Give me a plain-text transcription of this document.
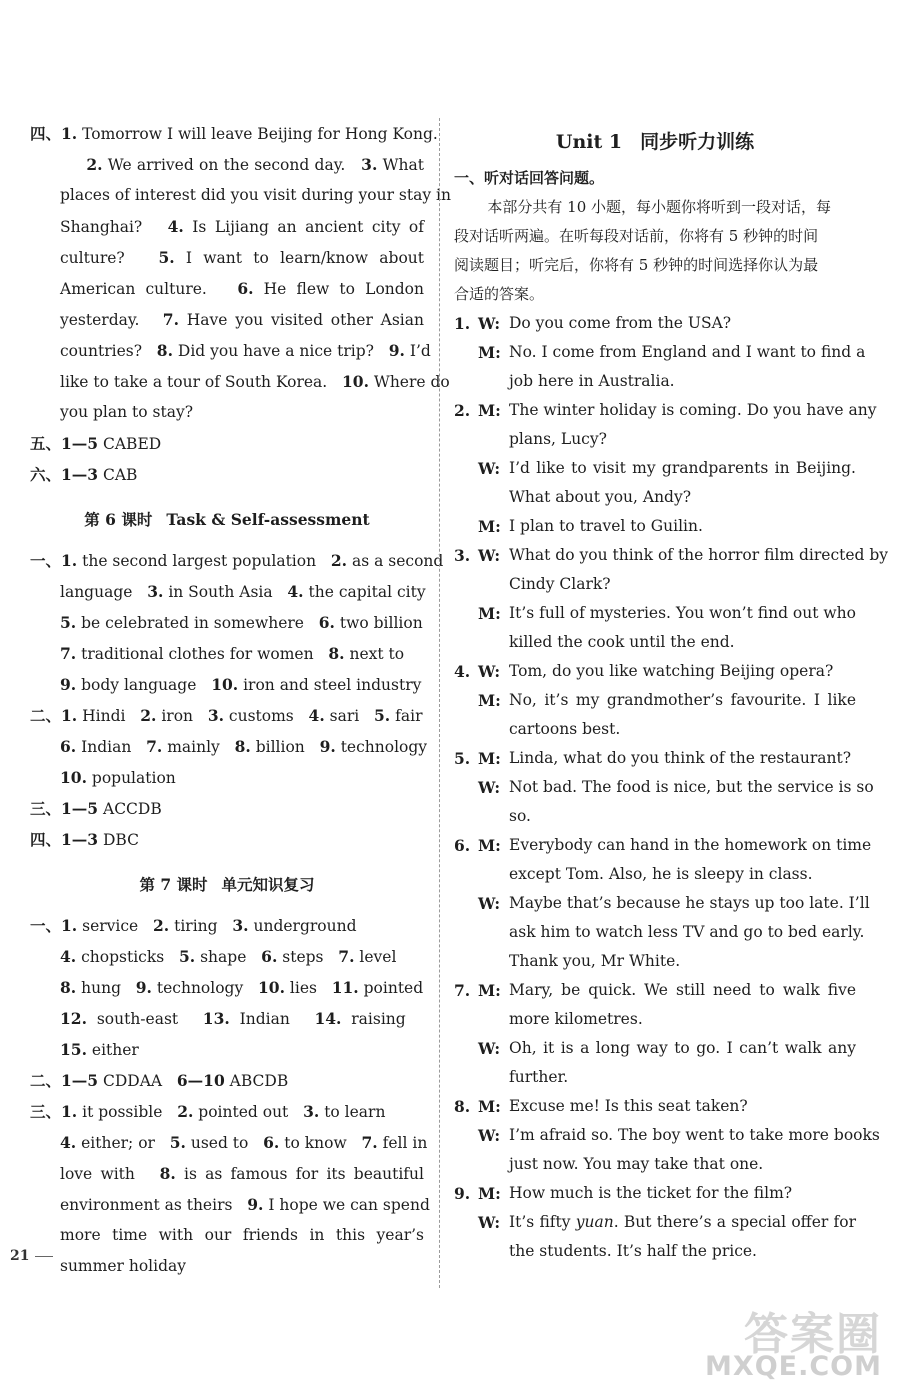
四、1. Tomorrow I will leave Beijing for Hong Kong.
2. We arrived on the second day.   3. What
places of interest did you visit during your stay in
Shanghai?   4. Is Lijiang an ancient city of
culture?   5. I want to learn/know about
American culture.   6. He flew to London
yesterday.   7. Have you visited other Asian
countries?   8. Did you have a nice trip?   9. I’d
like to take a tour of South Korea.   10. Where do
you plan to stay?
五、1—5 CABED
六、1—3 CAB
第 6 课时 Task & Self-assessment
一、1. the second largest population   2. as a second
language   3. in South Asia   4. the capital city
5. be celebrated in somewhere   6. two billion
7. traditional clothes for women   8. next to
9. body language   10. iron and steel industry
二、1. Hindi   2. iron   3. customs   4. sari   5. fair
6. Indian   7. mainly   8. billion   9. technology
10. population
三、1—5 ACCDB
四、1—3 DBC
第 7 课时 单元知识复习
一、1. service   2. tiring   3. underground
4. chopsticks   5. shape   6. steps   7. level
8. hung   9. technology   10. lies   11. pointed
12.  south-east     13.  Indian     14.  raising
15. either
二、1—5 CDDAA   6—10 ABCDB
三、1. it possible   2. pointed out   3. to learn
4. either; or   5. used to   6. to know   7. fell in
love with   8. is as famous for its beautiful
environment as theirs   9. I hope we can spend
more time with our friends in this year’s
summer holiday
Unit 1 同步听力训练
一、听对话回答问题。
本部分共有 10 小题，每小题你将听到一段对话，每
段对话听两遍。在听每段对话前，你将有 5 秒钟的时间
阅读题目；听完后，你将有 5 秒钟的时间选择你认为最
合适的答案。
1. W: Do you come from the USA?
M: No. I come from England and I want to find a
job here in Australia.
2. M: The winter holiday is coming. Do you have any
plans, Lucy?
W: I’d like to visit my grandparents in Beijing.
What about you, Andy?
M: I plan to travel to Guilin.
3. W: What do you think of the horror film directed by
Cindy Clark?
M: It’s full of mysteries. You won’t find out who
killed the cook until the end.
4. W: Tom, do you like watching Beijing opera?
M: No, it’s my grandmother’s favourite. I like
cartoons best.
5. M: Linda, what do you think of the restaurant?
W: Not bad. The food is nice, but the service is so
so.
6. M: Everybody can hand in the homework on time
except Tom. Also, he is sleepy in class.
W: Maybe that’s because he stays up too late. I’ll
ask him to watch less TV and go to bed early.
Thank you, Mr White.
7. M: Mary, be quick. We still need to walk five
more kilometres.
W: Oh, it is a long way to go. I can’t walk any
further.
8. M: Excuse me! Is this seat taken?
W: I’m afraid so. The boy went to take more books
just now. You may take that one.
9. M: How much is the ticket for the film?
W: It’s fifty yuan. But there’s a special offer for
the students. It’s half the price.
21
答案圈
MXQE.COM
